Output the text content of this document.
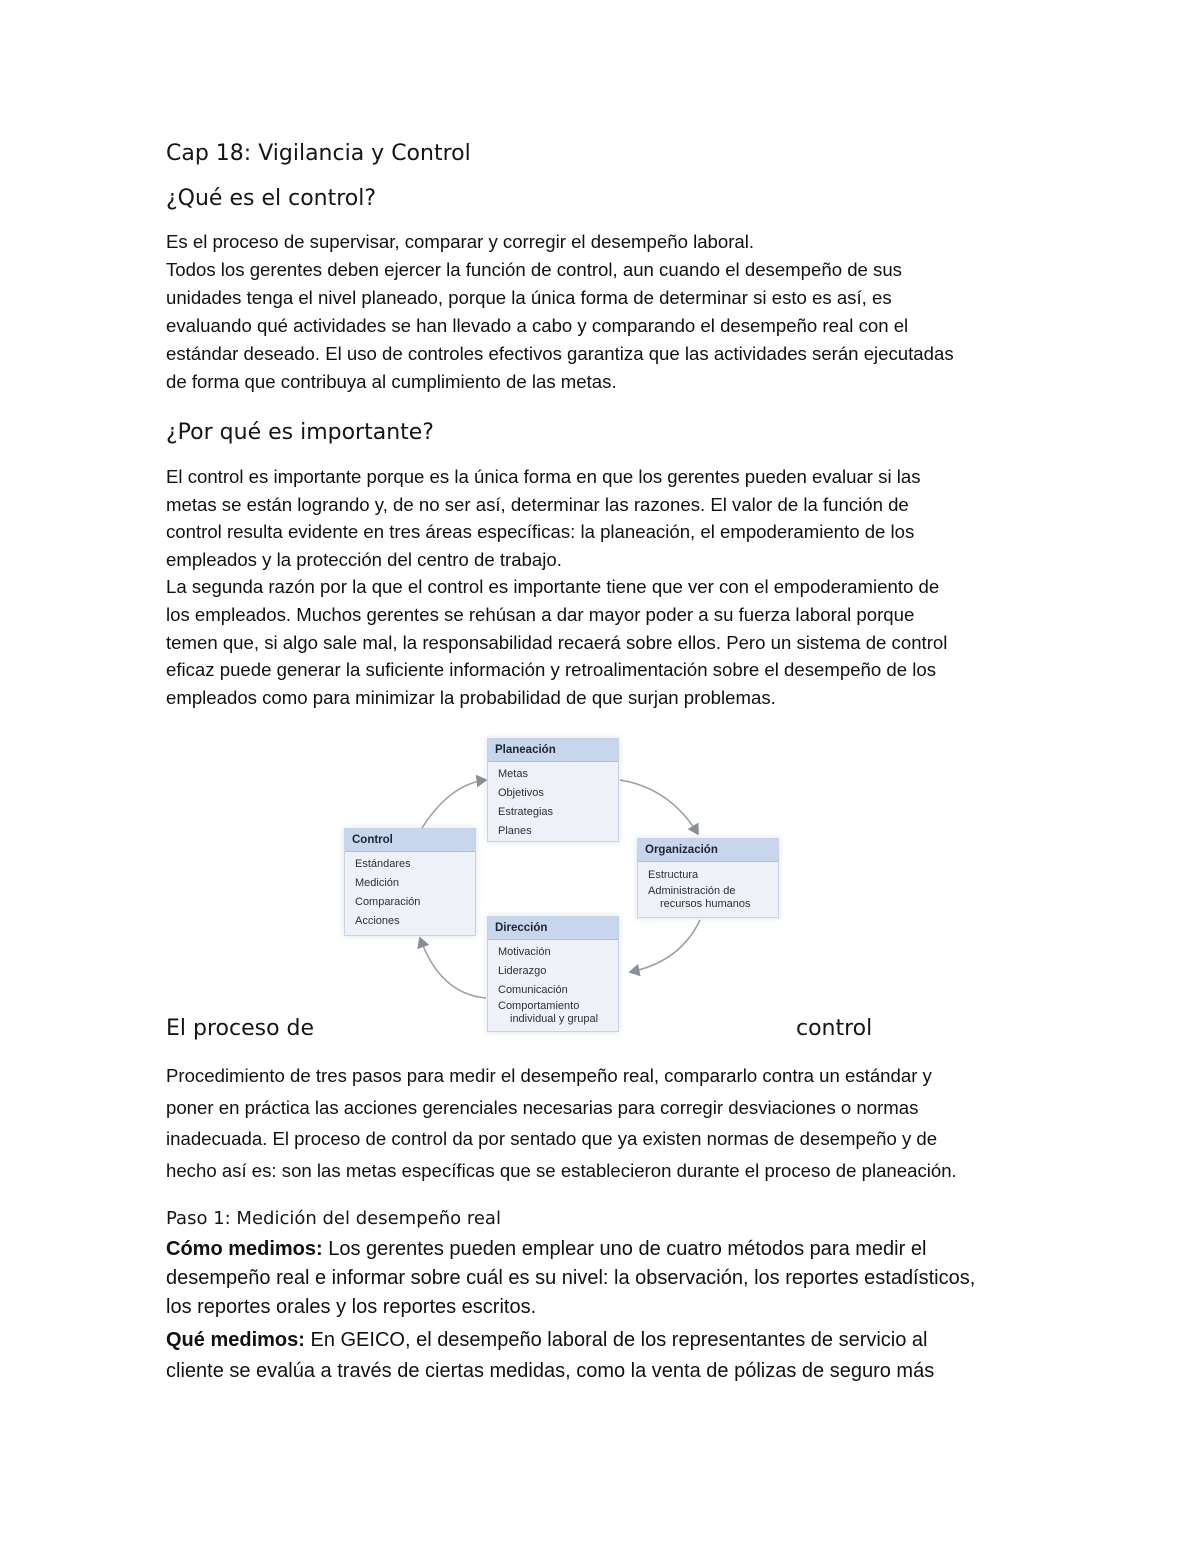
Cap 18: Vigilancia y Control
¿Qué es el control?

Es el proceso de supervisar, comparar y corregir el desempeño laboral.
Todos los gerentes deben ejercer la función de control, aun cuando el desempeño de sus
unidades tenga el nivel planeado, porque la única forma de determinar si esto es así, es
evaluando qué actividades se han llevado a cabo y comparando el desempeño real con el
estándar deseado. El uso de controles efectivos garantiza que las actividades serán ejecutadas
de forma que contribuya al cumplimiento de las metas.

¿Por qué es importante?

El control es importante porque es la única forma en que los gerentes pueden evaluar si las
metas se están logrando y, de no ser así, determinar las razones. El valor de la función de
control resulta evidente en tres áreas específicas: la planeación, el empoderamiento de los
empleados y la protección del centro de trabajo.
La segunda razón por la que el control es importante tiene que ver con el empoderamiento de
los empleados. Muchos gerentes se rehúsan a dar mayor poder a su fuerza laboral porque
temen que, si algo sale mal, la responsabilidad recaerá sobre ellos. Pero un sistema de control
eficaz puede generar la suficiente información y retroalimentación sobre el desempeño de los
empleados como para minimizar la probabilidad de que surjan problemas.

Planeación
Metas
Objetivos
Estrategias
Planes
Control
Estándares
Medición
Comparación
Acciones
Organización
Estructura
Administración de
recursos humanos
Dirección
Motivación
Liderazgo
Comunicación
Comportamiento
individual y grupal
El proceso de	control

Procedimiento de tres pasos para medir el desempeño real, compararlo contra un estándar y
poner en práctica las acciones gerenciales necesarias para corregir desviaciones o normas
inadecuada. El proceso de control da por sentado que ya existen normas de desempeño y de
hecho así es: son las metas específicas que se establecieron durante el proceso de planeación.

Paso 1: Medición del desempeño real

Cómo medimos: Los gerentes pueden emplear uno de cuatro métodos para medir el
desempeño real e informar sobre cuál es su nivel: la observación, los reportes estadísticos,
los reportes orales y los reportes escritos.

Qué medimos: En GEICO, el desempeño laboral de los representantes de servicio al
cliente se evalúa a través de ciertas medidas, como la venta de pólizas de seguro más
